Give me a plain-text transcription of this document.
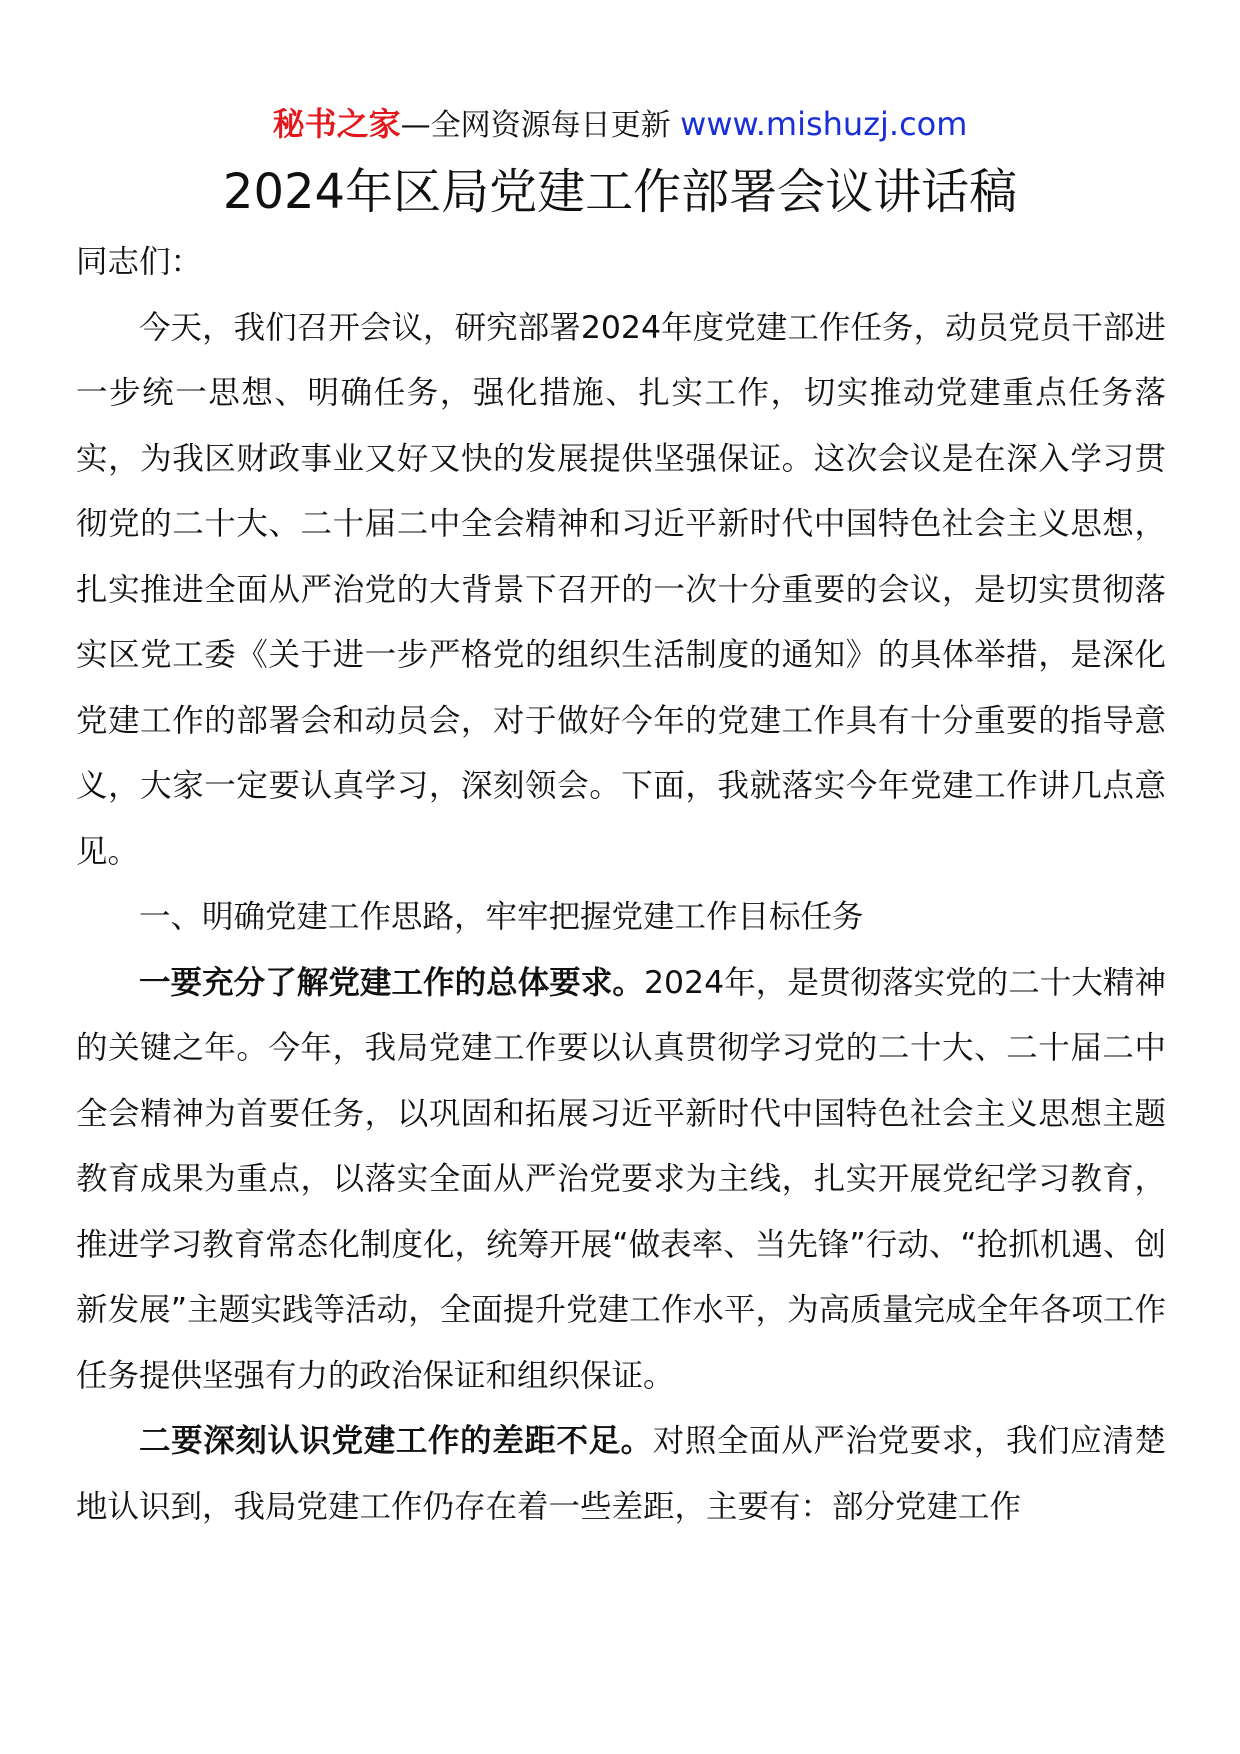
秘书之家—全网资源每日更新 www.mishuzj.com
2024年区局党建工作部署会议讲话稿

同志们：

今天，我们召开会议，研究部署2024年度党建工作任务，动员党员干部进一步统一思想、明确任务，强化措施、扎实工作，切实推动党建重点任务落实，为我区财政事业又好又快的发展提供坚强保证。这次会议是在深入学习贯彻党的二十大、二十届二中全会精神和习近平新时代中国特色社会主义思想，扎实推进全面从严治党的大背景下召开的一次十分重要的会议，是切实贯彻落实区党工委《关于进一步严格党的组织生活制度的通知》的具体举措，是深化党建工作的部署会和动员会，对于做好今年的党建工作具有十分重要的指导意义，大家一定要认真学习，深刻领会。下面，我就落实今年党建工作讲几点意见。

一、明确党建工作思路，牢牢把握党建工作目标任务

一要充分了解党建工作的总体要求。2024年，是贯彻落实党的二十大精神的关键之年。今年，我局党建工作要以认真贯彻学习党的二十大、二十届二中全会精神为首要任务，以巩固和拓展习近平新时代中国特色社会主义思想主题教育成果为重点，以落实全面从严治党要求为主线，扎实开展党纪学习教育，推进学习教育常态化制度化，统筹开展“做表率、当先锋”行动、“抢抓机遇、创新发展”主题实践等活动，全面提升党建工作水平，为高质量完成全年各项工作任务提供坚强有力的政治保证和组织保证。

二要深刻认识党建工作的差距不足。对照全面从严治党要求，我们应清楚地认识到，我局党建工作仍存在着一些差距，主要有：部分党建工作
